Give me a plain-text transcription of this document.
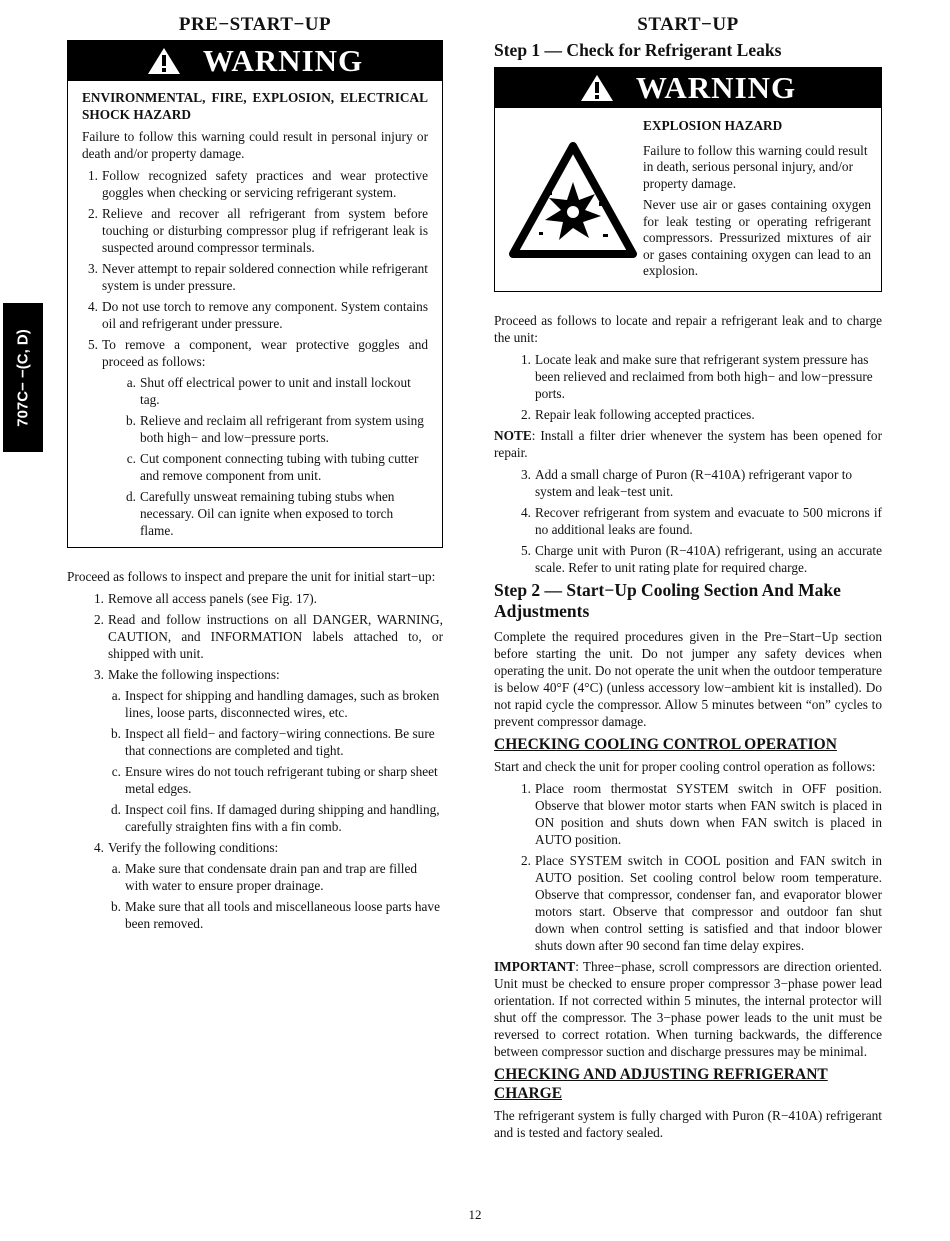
707C− −(C, D)
PRE−START−UP
WARNING

ENVIRONMENTAL, FIRE, EXPLOSION, ELECTRICAL SHOCK HAZARD

Failure to follow this warning could result in personal injury or death and/or property damage.

1. Follow recognized safety practices and wear protective goggles when checking or servicing refrigerant system.
2. Relieve and recover all refrigerant from system before touching or disturbing compressor plug if refrigerant leak is suspected around compressor terminals.
3. Never attempt to repair soldered connection while refrigerant system is under pressure.
4. Do not use torch to remove any component. System contains oil and refrigerant under pressure.
5. To remove a component, wear protective goggles and proceed as follows:
a. Shut off electrical power to unit and install lockout tag.
b. Relieve and reclaim all refrigerant from system using both high− and low−pressure ports.
c. Cut component connecting tubing with tubing cutter and remove component from unit.
d. Carefully unsweat remaining tubing stubs when necessary. Oil can ignite when exposed to torch flame.

Proceed as follows to inspect and prepare the unit for initial start−up:

1. Remove all access panels (see Fig. 17).
2. Read and follow instructions on all DANGER, WARNING, CAUTION, and INFORMATION labels attached to, or shipped with unit.
3. Make the following inspections:
a. Inspect for shipping and handling damages, such as broken lines, loose parts, disconnected wires, etc.
b. Inspect all field− and factory−wiring connections. Be sure that connections are completed and tight.
c. Ensure wires do not touch refrigerant tubing or sharp sheet metal edges.
d. Inspect coil fins. If damaged during shipping and handling, carefully straighten fins with a fin comb.
4. Verify the following conditions:
a. Make sure that condensate drain pan and trap are filled with water to ensure proper drainage.
b. Make sure that all tools and miscellaneous loose parts have been removed.
START−UP
Step 1 — Check for Refrigerant Leaks
WARNING

EXPLOSION HAZARD

Failure to follow this warning could result in death, serious personal injury, and/or property damage.

Never use air or gases containing oxygen for leak testing or operating refrigerant compressors. Pressurized mixtures of air or gases containing oxygen can lead to an explosion.

Proceed as follows to locate and repair a refrigerant leak and to charge the unit:

1. Locate leak and make sure that refrigerant system pressure has been relieved and reclaimed from both high− and low−pressure ports.
2. Repair leak following accepted practices.

NOTE: Install a filter drier whenever the system has been opened for repair.

3. Add a small charge of Puron (R−410A) refrigerant vapor to system and leak−test unit.
4. Recover refrigerant from system and evacuate to 500 microns if no additional leaks are found.
5. Charge unit with Puron (R−410A) refrigerant, using an accurate scale. Refer to unit rating plate for required charge.
Step 2 — Start−Up Cooling Section And Make Adjustments

Complete the required procedures given in the Pre−Start−Up section before starting the unit. Do not jumper any safety devices when operating the unit. Do not operate the unit when the outdoor temperature is below 40°F (4°C) (unless accessory low−ambient kit is installed). Do not rapid cycle the compressor. Allow 5 minutes between “on” cycles to prevent compressor damage.

CHECKING COOLING CONTROL OPERATION

Start and check the unit for proper cooling control operation as follows:

1. Place room thermostat SYSTEM switch in OFF position. Observe that blower motor starts when FAN switch is placed in ON position and shuts down when FAN switch is placed in AUTO position.
2. Place SYSTEM switch in COOL position and FAN switch in AUTO position. Set cooling control below room temperature. Observe that compressor, condenser fan, and evaporator blower motors start. Observe that compressor and outdoor fan shut down when control setting is satisfied and that indoor blower shuts down after 90 second fan time delay expires.

IMPORTANT: Three−phase, scroll compressors are direction oriented. Unit must be checked to ensure proper compressor 3−phase power lead orientation. If not corrected within 5 minutes, the internal protector will shut off the compressor. The 3−phase power leads to the unit must be reversed to correct rotation. When turning backwards, the difference between compressor suction and discharge pressures may be minimal.

CHECKING AND ADJUSTING REFRIGERANT CHARGE

The refrigerant system is fully charged with Puron (R−410A) refrigerant and is tested and factory sealed.

12
